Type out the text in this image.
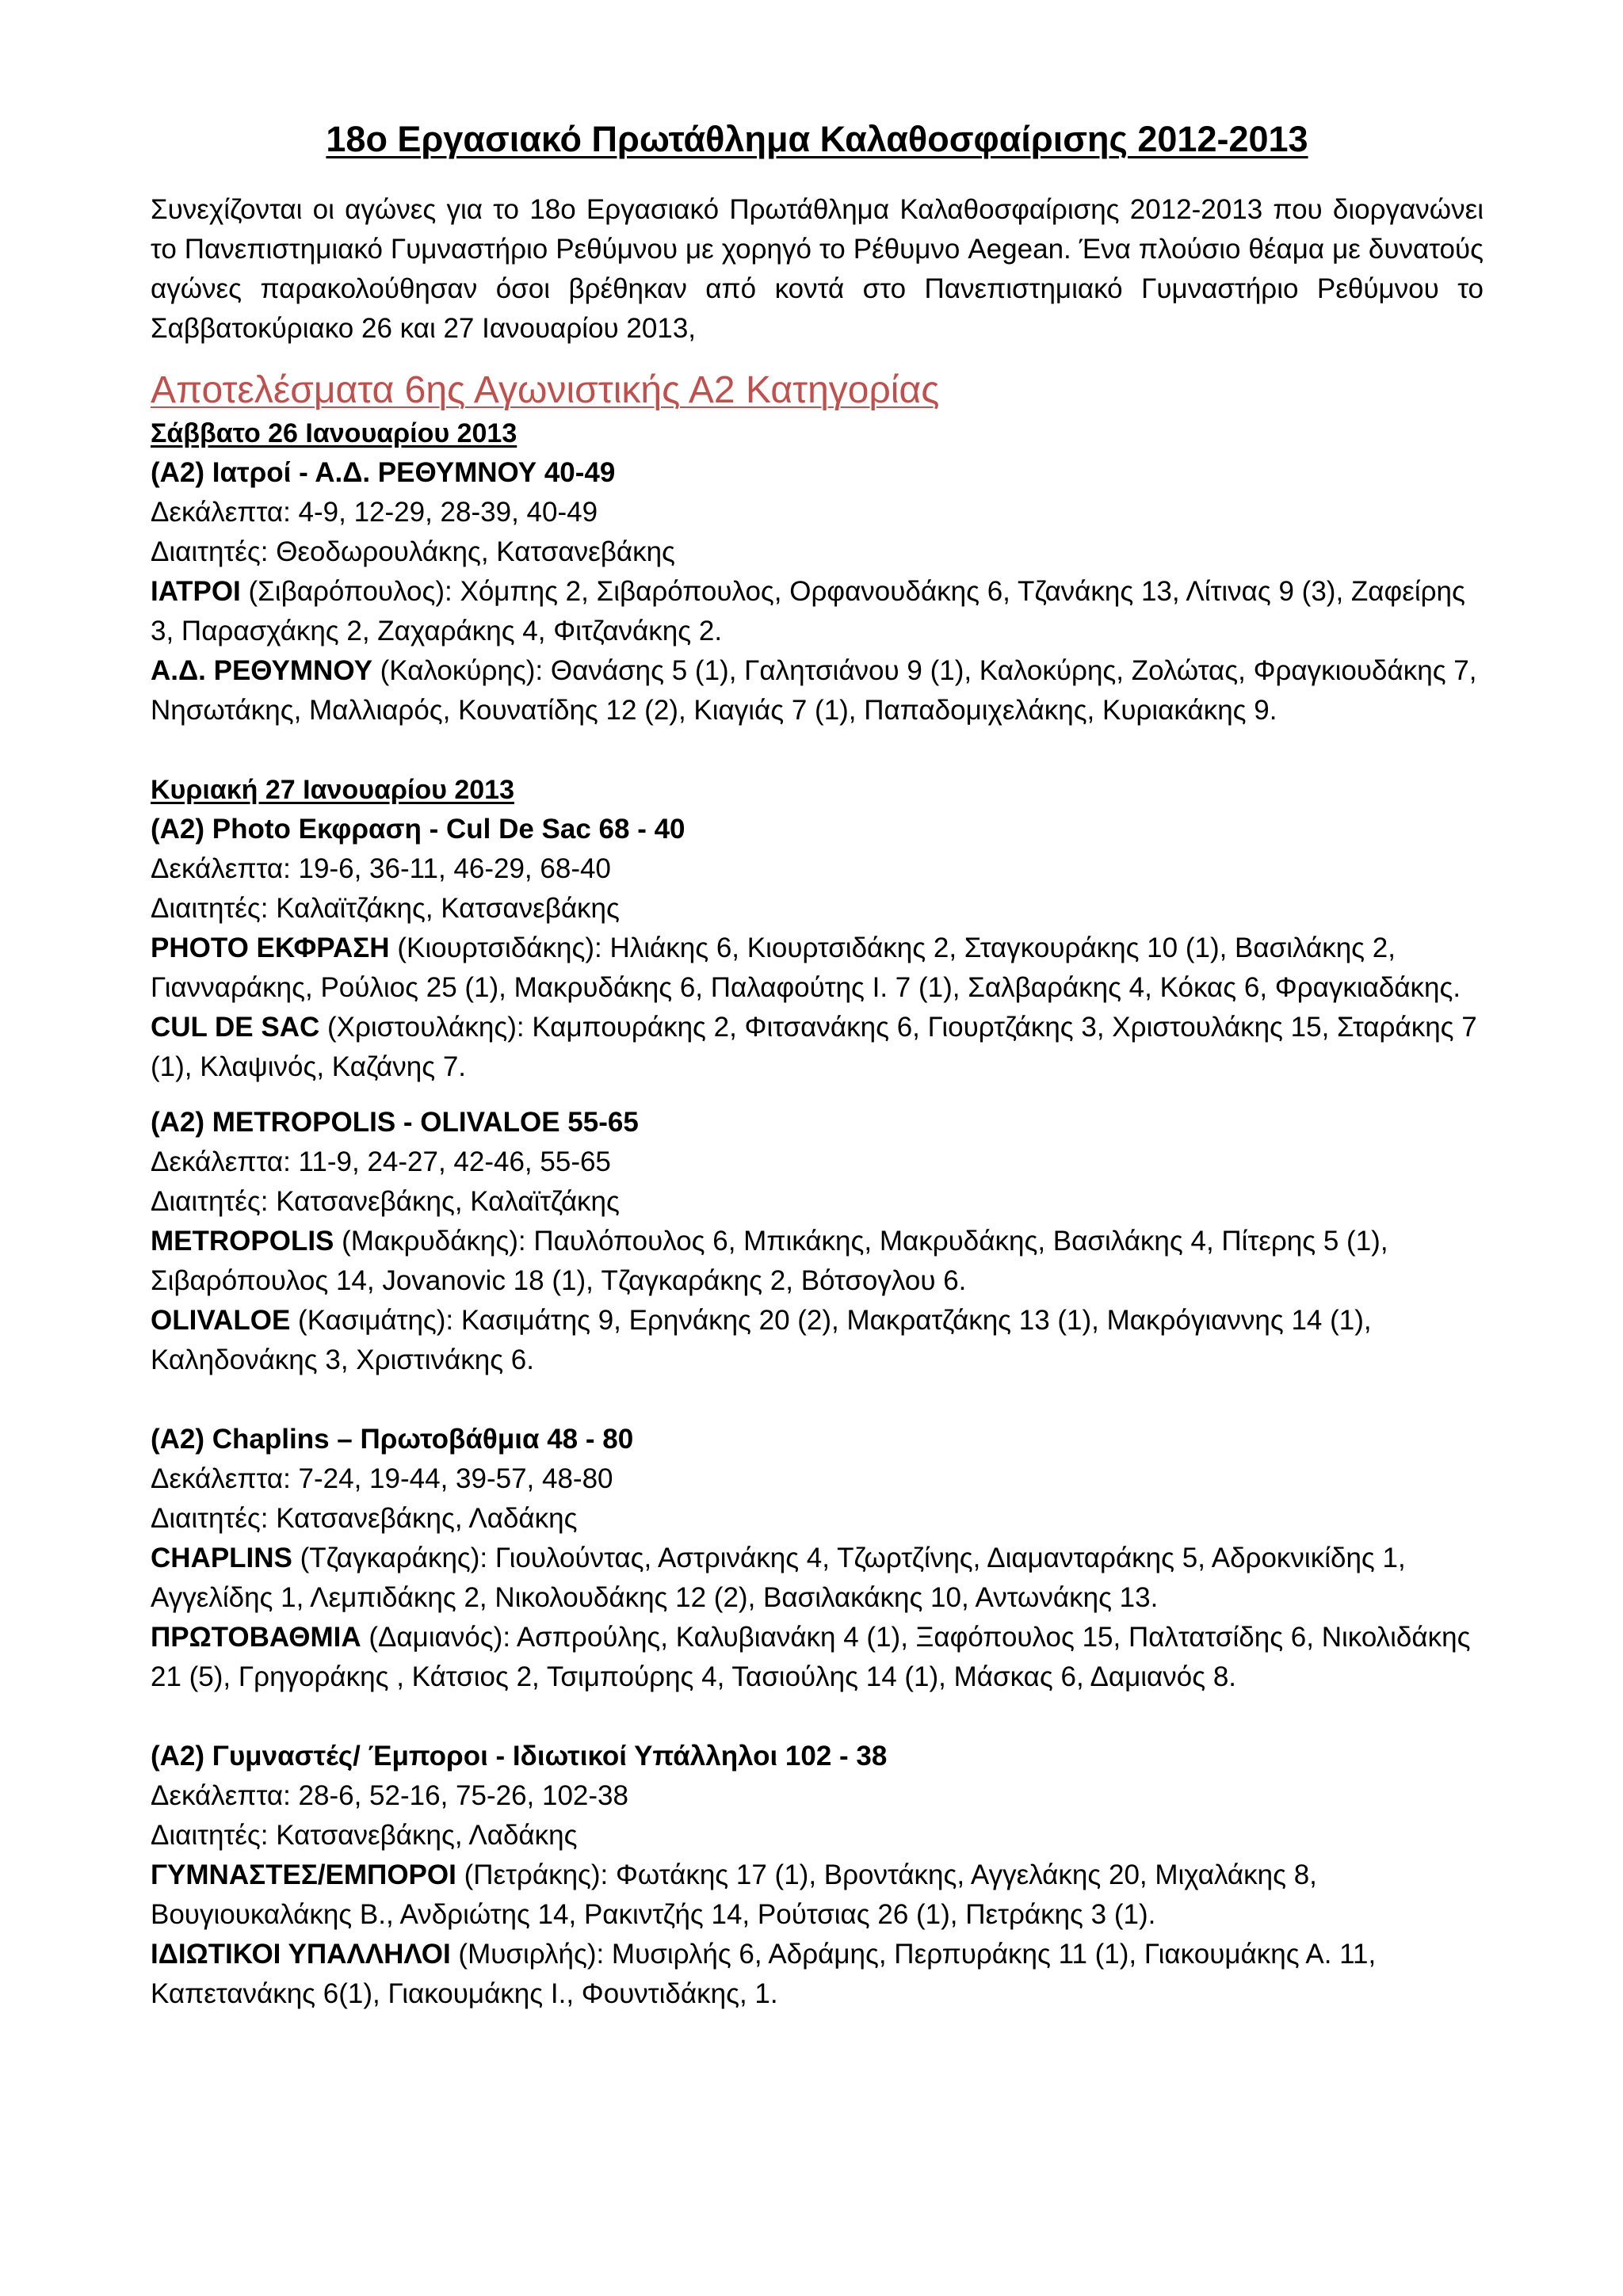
18ο Εργασιακό Πρωτάθλημα Καλαθοσφαίρισης 2012-2013

Συνεχίζονται οι αγώνες για το 18ο Εργασιακό Πρωτάθλημα Καλαθοσφαίρισης 2012-2013 που διοργανώνει το Πανεπιστημιακό Γυμναστήριο Ρεθύμνου με χορηγό το Ρέθυμνο Aegean. Ένα πλούσιο θέαμα με δυνατούς αγώνες παρακολούθησαν όσοι βρέθηκαν από κοντά στο Πανεπιστημιακό Γυμναστήριο Ρεθύμνου το Σαββατοκύριακο 26 και 27 Ιανουαρίου 2013,

Αποτελέσματα 6ης Αγωνιστικής Α2 Κατηγορίας

Σάββατο 26 Ιανουαρίου 2013

(Α2) Ιατροί - Α.Δ. ΡΕΘΥΜΝΟΥ 40-49

Δεκάλεπτα: 4-9, 12-29, 28-39, 40-49

Διαιτητές: Θεοδωρουλάκης, Κατσανεβάκης

ΙΑΤΡΟΙ (Σιβαρόπουλος): Χόμπης 2, Σιβαρόπουλος, Ορφανουδάκης 6, Τζανάκης 13, Λίτινας 9 (3), Ζαφείρης 3, Παρασχάκης 2, Ζαχαράκης 4, Φιτζανάκης 2.

Α.Δ. ΡΕΘΥΜΝΟΥ (Καλοκύρης): Θανάσης 5 (1), Γαλητσιάνου 9 (1), Καλοκύρης, Ζολώτας, Φραγκιουδάκης 7, Νησωτάκης, Μαλλιαρός, Κουνατίδης 12 (2), Κιαγιάς 7 (1), Παπαδομιχελάκης, Κυριακάκης 9.

Κυριακή 27 Ιανουαρίου 2013

(Α2) Photo Εκφραση - Cul De Sac 68 - 40

Δεκάλεπτα: 19-6, 36-11, 46-29, 68-40

Διαιτητές: Καλαϊτζάκης, Κατσανεβάκης

PHOTO ΕΚΦΡΑΣΗ (Κιουρτσιδάκης): Ηλιάκης 6, Κιουρτσιδάκης 2, Σταγκουράκης 10 (1), Βασιλάκης 2, Γιανναράκης, Ρούλιος 25 (1), Μακρυδάκης 6, Παλαφούτης Ι. 7 (1), Σαλβαράκης 4, Κόκας 6, Φραγκιαδάκης.

CUL DE SAC (Χριστουλάκης): Καμπουράκης 2, Φιτσανάκης 6, Γιουρτζάκης 3, Χριστουλάκης 15, Σταράκης 7 (1), Κλαψινός, Καζάνης 7.

(Α2) METROPOLIS - OLIVALOE 55-65

Δεκάλεπτα: 11-9, 24-27, 42-46, 55-65

Διαιτητές: Κατσανεβάκης, Καλαϊτζάκης

METROPOLIS (Μακρυδάκης): Παυλόπουλος 6, Μπικάκης, Μακρυδάκης, Βασιλάκης 4, Πίτερης 5 (1), Σιβαρόπουλος 14, Jovanovic 18 (1), Τζαγκαράκης 2, Βότσογλου 6.

OLIVALOE (Κασιμάτης): Κασιμάτης 9, Ερηνάκης 20 (2), Μακρατζάκης 13 (1), Μακρόγιαννης 14 (1), Καληδονάκης 3, Χριστινάκης 6.

(Α2) Chaplins – Πρωτοβάθμια 48 - 80

Δεκάλεπτα: 7-24, 19-44, 39-57, 48-80

Διαιτητές: Κατσανεβάκης, Λαδάκης

CHAPLINS (Τζαγκαράκης): Γιουλούντας, Αστρινάκης 4, Τζωρτζίνης, Διαμανταράκης 5, Αδροκνικίδης 1, Αγγελίδης 1, Λεμπιδάκης 2, Νικολουδάκης 12 (2), Βασιλακάκης 10, Αντωνάκης 13.

ΠΡΩΤΟΒΑΘΜΙΑ (Δαμιανός): Ασπρούλης, Καλυβιανάκη 4 (1), Ξαφόπουλος 15, Παλτατσίδης 6, Νικολιδάκης 21 (5), Γρηγοράκης , Κάτσιος 2, Τσιμπούρης 4, Τασιούλης 14 (1), Μάσκας 6, Δαμιανός 8.

(Α2) Γυμναστές/ Έμποροι - Ιδιωτικοί Υπάλληλοι 102 - 38

Δεκάλεπτα: 28-6, 52-16, 75-26, 102-38

Διαιτητές: Κατσανεβάκης, Λαδάκης

ΓΥΜΝΑΣΤΕΣ/ΕΜΠΟΡΟΙ (Πετράκης): Φωτάκης 17 (1), Βροντάκης, Αγγελάκης 20, Μιχαλάκης 8, Βουγιουκαλάκης Β., Ανδριώτης 14, Ρακιντζής 14, Ρούτσιας 26 (1), Πετράκης 3 (1).

ΙΔΙΩΤΙΚΟΙ ΥΠΑΛΛΗΛΟΙ (Μυσιρλής): Μυσιρλής 6, Αδράμης, Περπυράκης 11 (1), Γιακουμάκης Α. 11, Καπετανάκης 6(1), Γιακουμάκης Ι., Φουντιδάκης, 1.
